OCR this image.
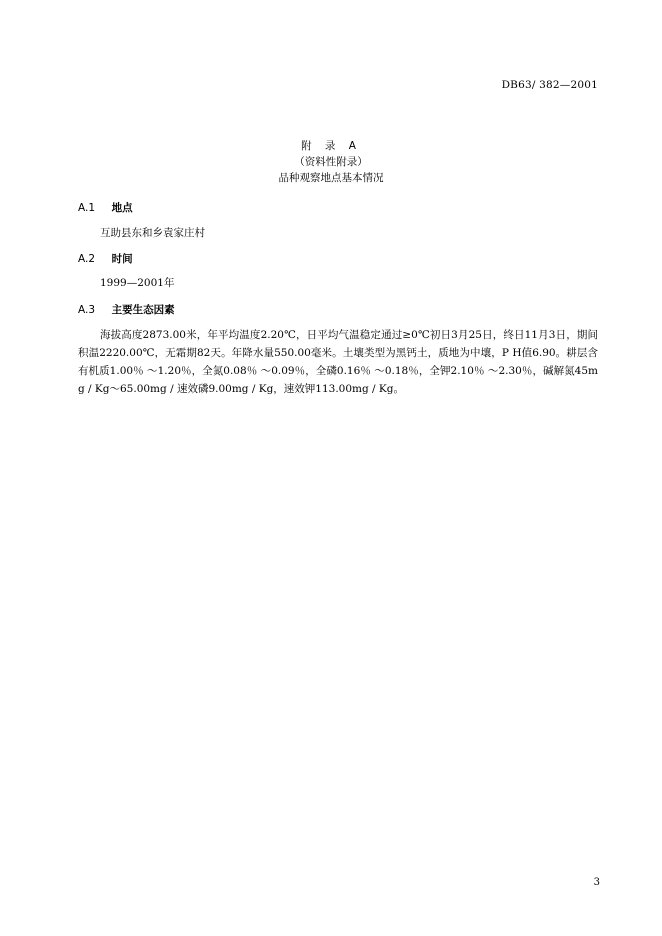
DB63/ 382—2001
附 录 A
（资料性附录）
品种观察地点基本情况
A.1 地点
互助县东和乡袁家庄村
A.2 时间
1999—2001年
A.3 主要生态因素
海拔高度2873.00米，年平均温度2.20℃，日平均气温稳定通过≥0℃初日3月25日，终日11月3日，期间积温2220.00℃，无霜期82天。年降水量550.00毫米。土壤类型为黑钙土，质地为中壤，P H值6.90。耕层含有机质1.00％ ～1.20％，全氮0.08％ ～0.09％，全磷0.16％ ～0.18％，全钾2.10％ ～2.30％，碱解氮45mg / Kg～65.00mg / 速效磷9.00mg / Kg，速效钾113.00mg / Kg。
3
